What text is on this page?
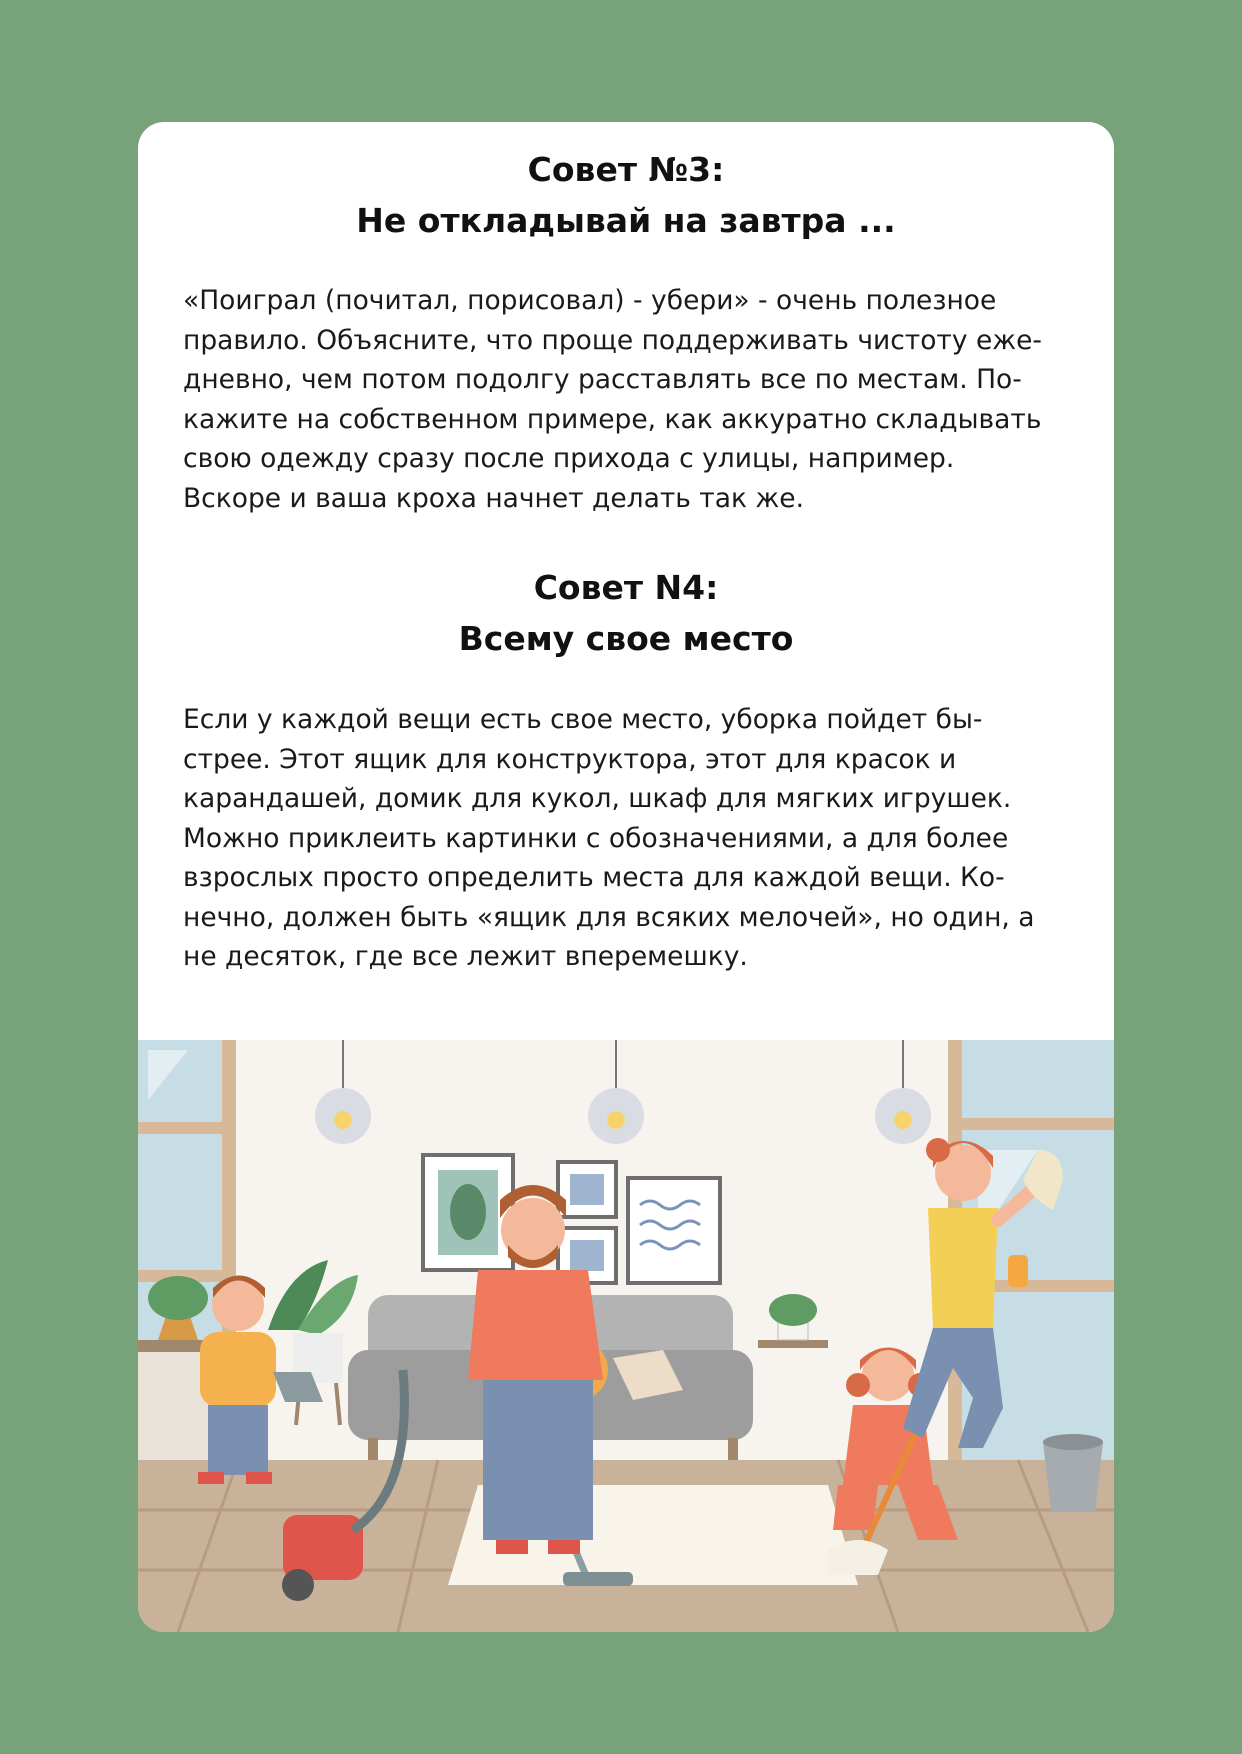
Совет №3:
Не откладывай на завтра ...
«Поиграл (почитал, порисовал) - убери» - очень полезное
правило. Объясните, что проще поддерживать чистоту еже-
дневно, чем потом подолгу расставлять все по местам. По-
кажите на собственном примере, как аккуратно складывать
свою одежду сразу после прихода с улицы, например.
Вскоре и ваша кроха начнет делать так же.
Совет N4:
Всему свое место
Если у каждой вещи есть свое место, уборка пойдет бы-
стрее. Этот ящик для конструктора, этот для красок и
карандашей, домик для кукол, шкаф для мягких игрушек.
Можно приклеить картинки с обозначениями, а для более
взрослых просто определить места для каждой вещи. Ко-
нечно, должен быть «ящик для всяких мелочей», но один, а
не десяток, где все лежит вперемешку.
